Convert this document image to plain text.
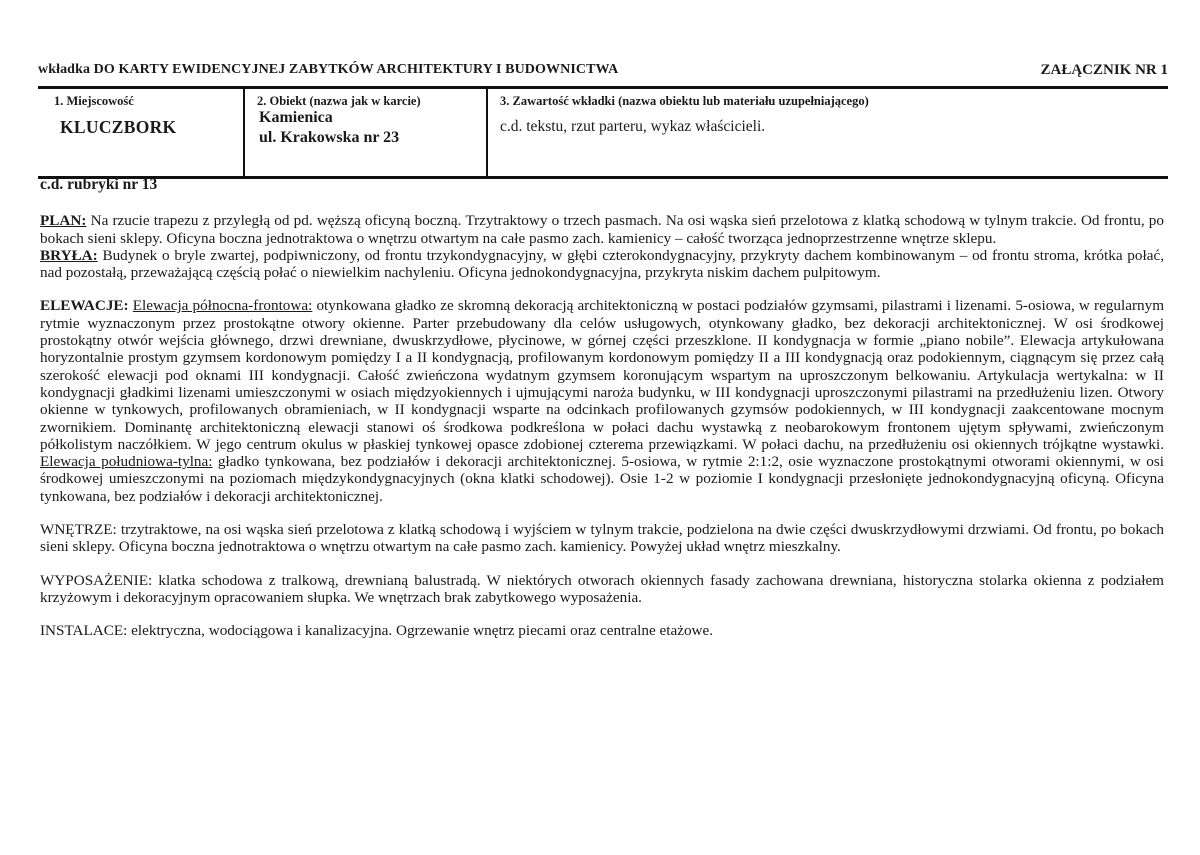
wkładka DO KARTY EWIDENCYJNEJ ZABYTKÓW ARCHITEKTURY I BUDOWNICTWA	ZAŁĄCZNIK NR 1
1. Miejscowość
KLUCZBORK
2. Obiekt (nazwa jak w karcie)
Kamienica
ul. Krakowska nr 23
3. Zawartość wkładki (nazwa obiektu lub materiału uzupełniającego)
c.d. tekstu, rzut parteru, wykaz właścicieli.
c.d. rubryki nr 13

PLAN: Na rzucie trapezu z przyległą od pd. węższą oficyną boczną. Trzytraktowy o trzech pasmach. Na osi wąska sień przelotowa z klatką schodową w tylnym trakcie. Od frontu, po bokach sieni sklepy. Oficyna boczna jednotraktowa o wnętrzu otwartym na całe pasmo zach. kamienicy – całość tworząca jednoprzestrzenne wnętrze sklepu.

BRYŁA: Budynek o bryle zwartej, podpiwniczony, od frontu trzykondygnacyjny, w głębi czterokondygnacyjny, przykryty dachem kombinowanym – od frontu stroma, krótka połać, nad pozostałą, przeważającą częścią połać o niewielkim nachyleniu. Oficyna jednokondygnacyjna, przykryta niskim dachem pulpitowym.

ELEWACJE: Elewacja północna-frontowa: otynkowana gładko ze skromną dekoracją architektoniczną w postaci podziałów gzymsami, pilastrami i lizenami. 5-osiowa, w regularnym rytmie wyznaczonym przez prostokątne otwory okienne. Parter przebudowany dla celów usługowych, otynkowany gładko, bez dekoracji architektonicznej. W osi środkowej prostokątny otwór wejścia głównego, drzwi drewniane, dwuskrzydłowe, płycinowe, w górnej części przeszklone. II kondygnacja w formie „piano nobile”. Elewacja artykułowana horyzontalnie prostym gzymsem kordonowym pomiędzy I a II kondygnacją, profilowanym kordonowym pomiędzy II a III kondygnacją oraz podokiennym, ciągnącym się przez całą szerokość elewacji pod oknami III kondygnacji. Całość zwieńczona wydatnym gzymsem koronującym wspartym na uproszczonym belkowaniu. Artykulacja wertykalna: w II kondygnacji gładkimi lizenami umieszczonymi w osiach międzyokiennych i ujmującymi naroża budynku, w III kondygnacji uproszczonymi pilastrami na przedłużeniu lizen. Otwory okienne w tynkowych, profilowanych obramieniach, w II kondygnacji wsparte na odcinkach profilowanych gzymsów podokiennych, w III kondygnacji zaakcentowane mocnym zwornikiem. Dominantę architektoniczną elewacji stanowi oś środkowa podkreślona w połaci dachu wystawką z neobarokowym frontonem ujętym spływami, zwieńczonym półkolistym naczółkiem. W jego centrum okulus w płaskiej tynkowej opasce zdobionej czterema przewiązkami. W połaci dachu, na przedłużeniu osi okiennych trójkątne wystawki. Elewacja południowa-tylna: gładko tynkowana, bez podziałów i dekoracji architektonicznej. 5-osiowa, w rytmie 2:1:2, osie wyznaczone prostokątnymi otworami okiennymi, w osi środkowej umieszczonymi na poziomach międzykondygnacyjnych (okna klatki schodowej). Osie 1-2 w poziomie I kondygnacji przesłonięte jednokondygnacyjną oficyną. Oficyna tynkowana, bez podziałów i dekoracji architektonicznej.

WNĘTRZE: trzytraktowe, na osi wąska sień przelotowa z klatką schodową i wyjściem w tylnym trakcie, podzielona na dwie części dwuskrzydłowymi drzwiami. Od frontu, po bokach sieni sklepy. Oficyna boczna jednotraktowa o wnętrzu otwartym na całe pasmo zach. kamienicy. Powyżej układ wnętrz mieszkalny.

WYPOSAŻENIE: klatka schodowa z tralkową, drewnianą balustradą. W niektórych otworach okiennych fasady zachowana drewniana, historyczna stolarka okienna z podziałem krzyżowym i dekoracyjnym opracowaniem słupka. We wnętrzach brak zabytkowego wyposażenia.

INSTALACE: elektryczna, wodociągowa i kanalizacyjna. Ogrzewanie wnętrz piecami oraz centralne etażowe.
